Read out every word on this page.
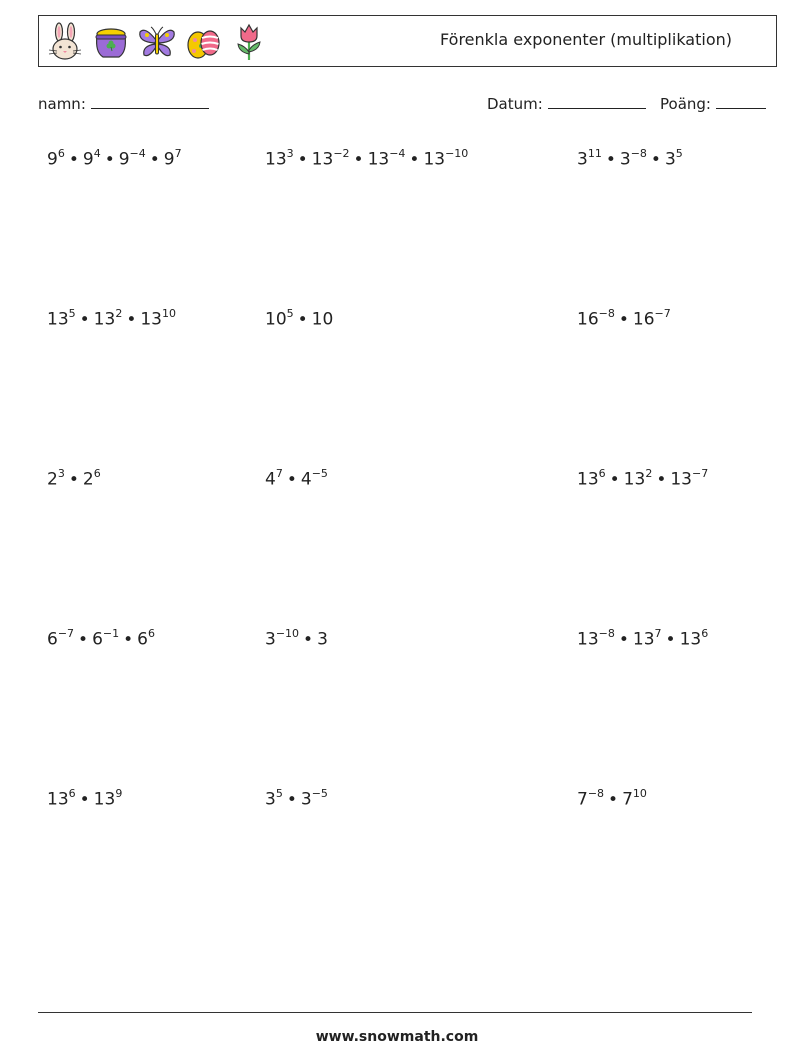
Förenkla exponenter (multiplikation)
namn:	Datum:	Poäng:
$9^6$ • $9^4$ • $9^{-4}$ • $9^7$	$13^3$ • $13^{-2}$ • $13^{-4}$ • $13^{-10}$	$3^{11}$ • $3^{-8}$ • $3^5$
$13^5$ • $13^2$ • $13^{10}$	$10^5$ • 10	$16^{-8}$ • $16^{-7}$
$2^3$ • $2^6$	$4^7$ • $4^{-5}$	$13^6$ • $13^2$ • $13^{-7}$
$6^{-7}$ • $6^{-1}$ • $6^6$	$3^{-10}$ • 3	$13^{-8}$ • $13^7$ • $13^6$
$13^6$ • $13^9$	$3^5$ • $3^{-5}$	$7^{-8}$ • $7^{10}$
www.snowmath.com
